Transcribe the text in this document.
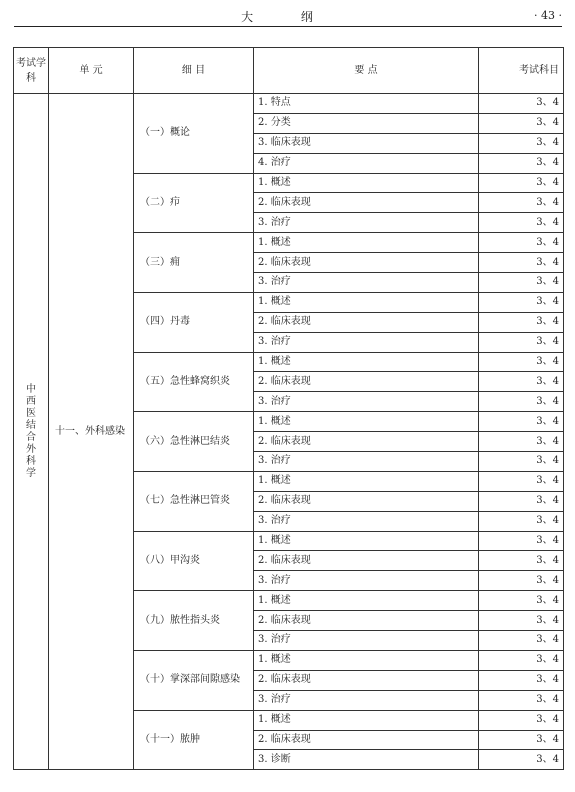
大 纲	· 43 ·
考试学科	单 元	细 目	要 点	考试科目
中西医结合外科学	十一、外科感染	（一）概论	1. 特点	3、4
			2. 分类	3、4
			3. 临床表现	3、4
			4. 治疗	3、4
		（二）疖	1. 概述	3、4
			2. 临床表现	3、4
			3. 治疗	3、4
		（三）痈	1. 概述	3、4
			2. 临床表现	3、4
			3. 治疗	3、4
		（四）丹毒	1. 概述	3、4
			2. 临床表现	3、4
			3. 治疗	3、4
		（五）急性蜂窝织炎	1. 概述	3、4
			2. 临床表现	3、4
			3. 治疗	3、4
		（六）急性淋巴结炎	1. 概述	3、4
			2. 临床表现	3、4
			3. 治疗	3、4
		（七）急性淋巴管炎	1. 概述	3、4
			2. 临床表现	3、4
			3. 治疗	3、4
		（八）甲沟炎	1. 概述	3、4
			2. 临床表现	3、4
			3. 治疗	3、4
		（九）脓性指头炎	1. 概述	3、4
			2. 临床表现	3、4
			3. 治疗	3、4
		（十）掌深部间隙感染	1. 概述	3、4
			2. 临床表现	3、4
			3. 治疗	3、4
		（十一）脓肿	1. 概述	3、4
			2. 临床表现	3、4
			3. 诊断	3、4
